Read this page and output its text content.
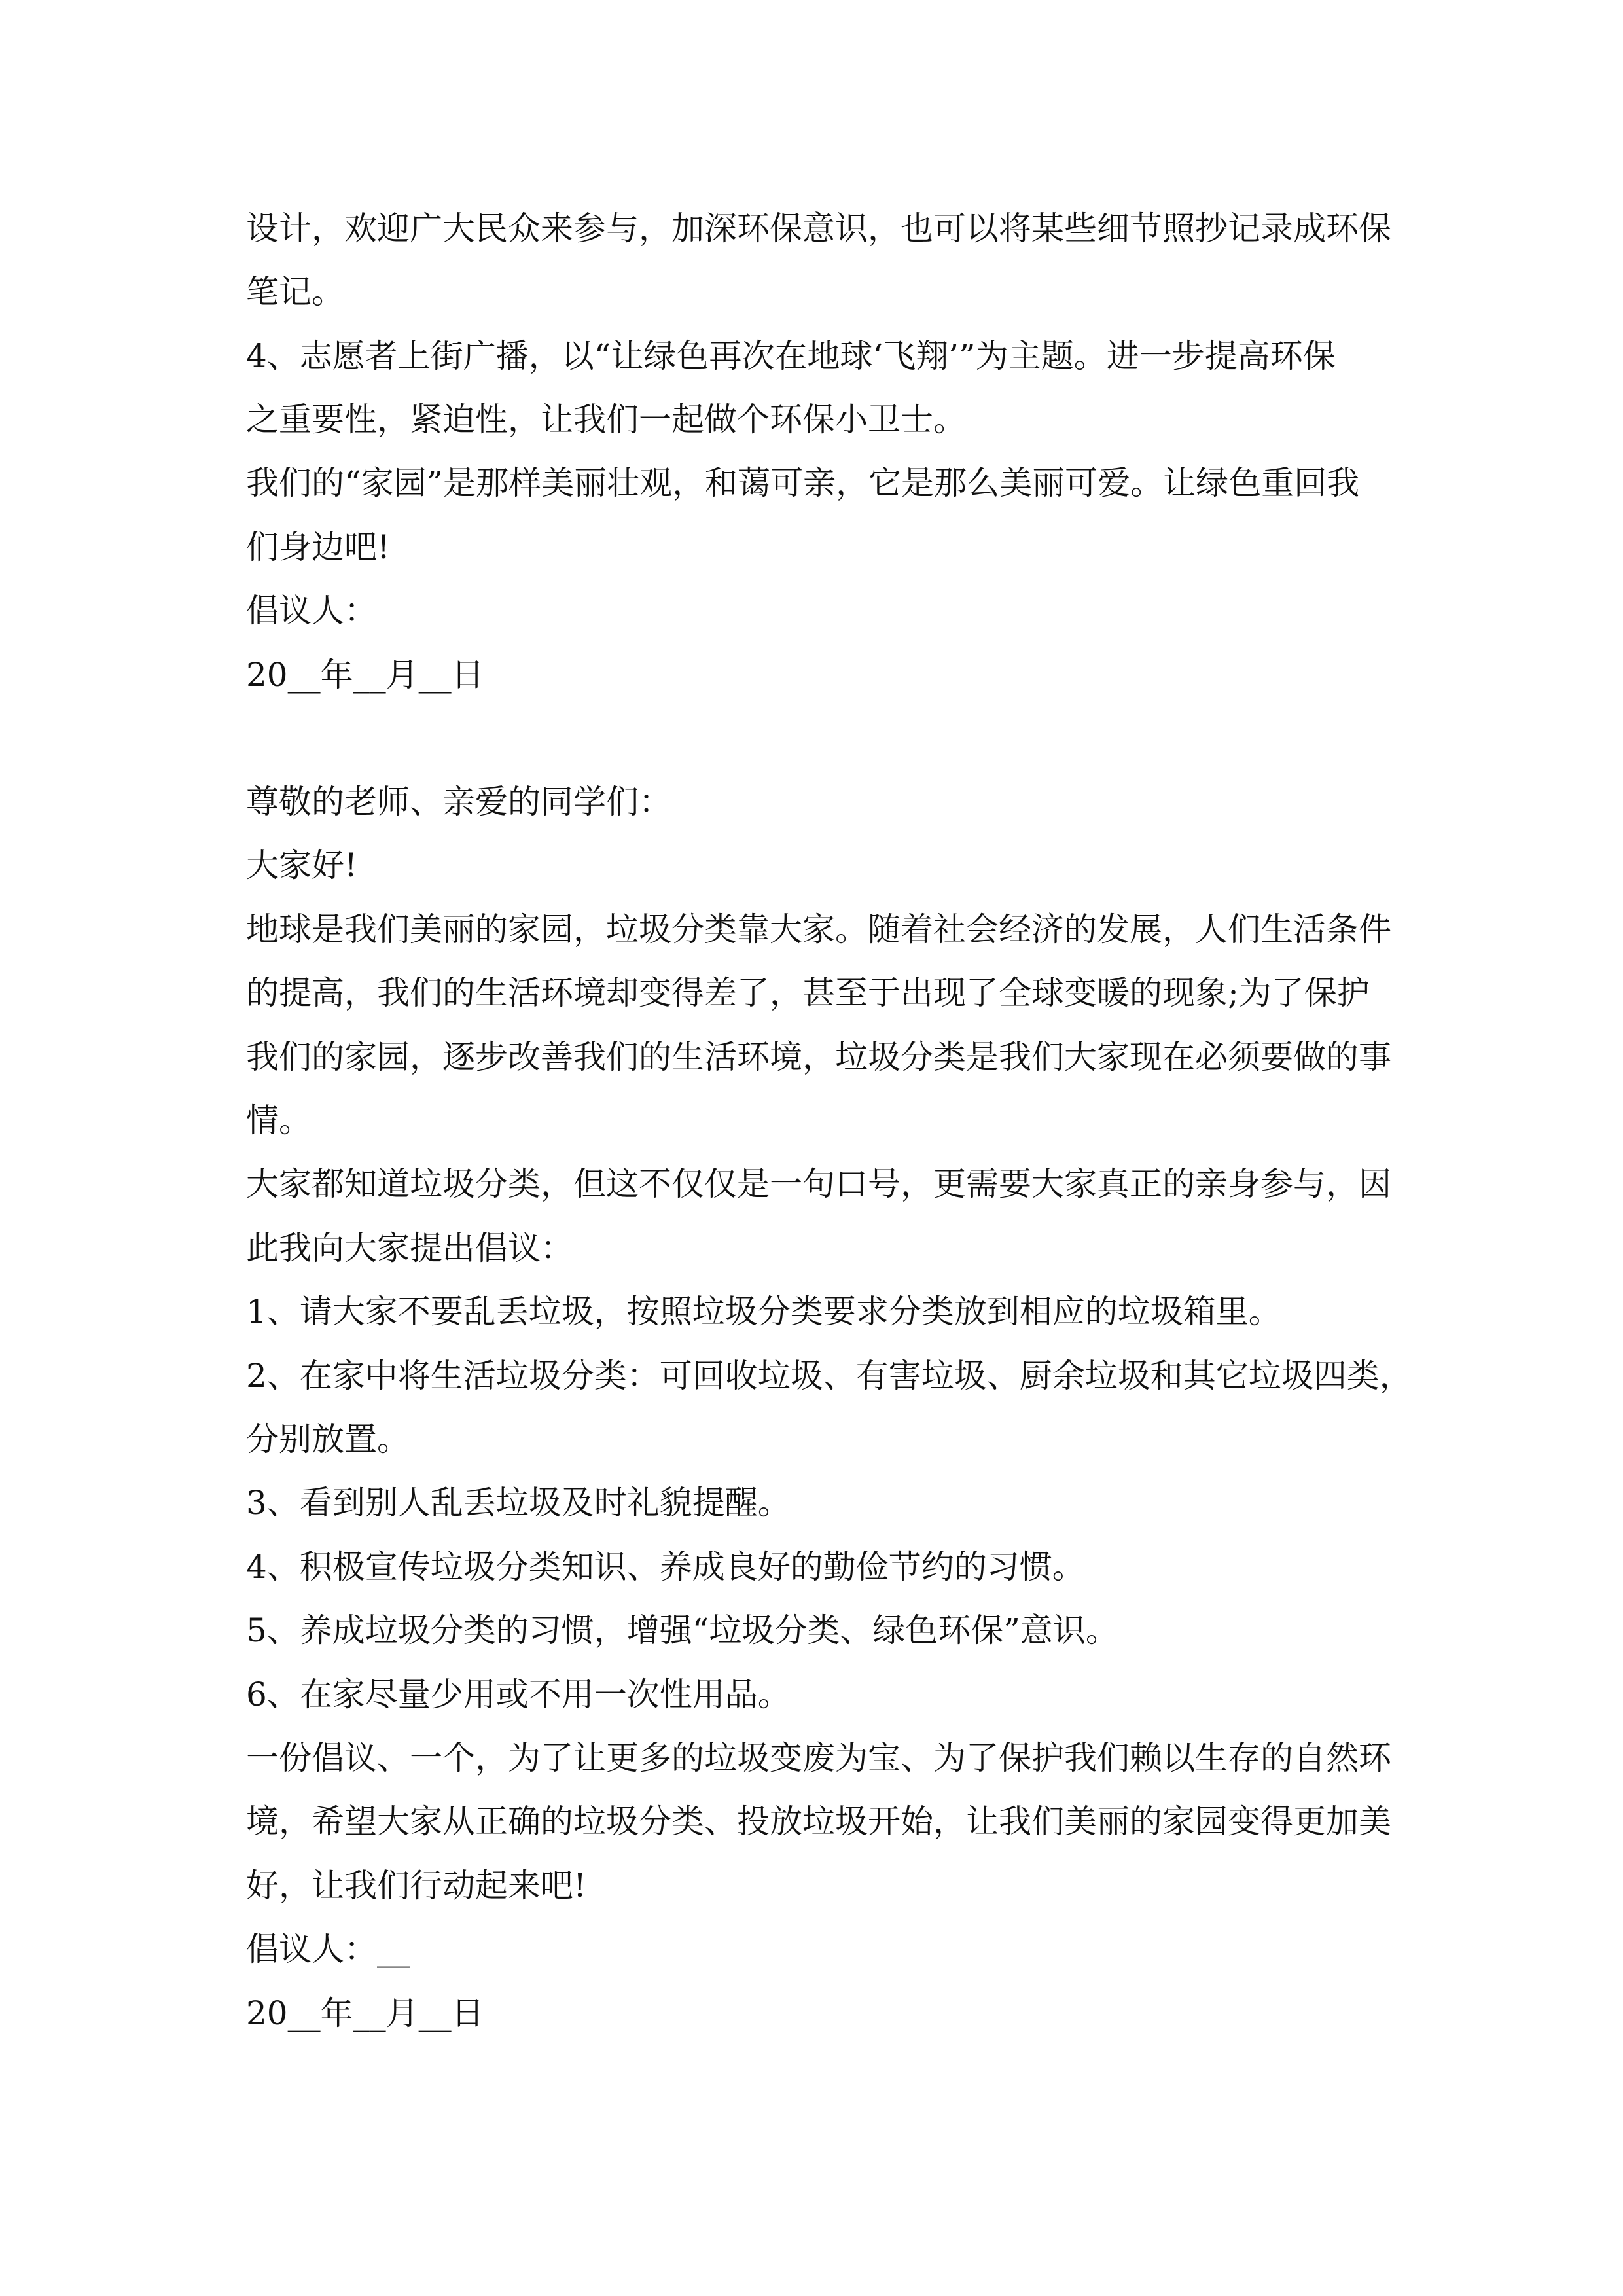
设计，欢迎广大民众来参与，加深环保意识，也可以将某些细节照抄记录成环保

笔记。

4、志愿者上街广播，以“让绿色再次在地球‘飞翔’”为主题。进一步提高环保

之重要性，紧迫性，让我们一起做个环保小卫士。

我们的“家园”是那样美丽壮观，和蔼可亲，它是那么美丽可爱。让绿色重回我

们身边吧!

倡议人：

20__年__月__日

尊敬的老师、亲爱的同学们：

大家好!

地球是我们美丽的家园，垃圾分类靠大家。随着社会经济的发展，人们生活条件

的提高，我们的生活环境却变得差了，甚至于出现了全球变暖的现象;为了保护

我们的家园，逐步改善我们的生活环境，垃圾分类是我们大家现在必须要做的事

情。

大家都知道垃圾分类，但这不仅仅是一句口号，更需要大家真正的亲身参与，因

此我向大家提出倡议：

1、请大家不要乱丢垃圾，按照垃圾分类要求分类放到相应的垃圾箱里。

2、在家中将生活垃圾分类：可回收垃圾、有害垃圾、厨余垃圾和其它垃圾四类，

分别放置。

3、看到别人乱丢垃圾及时礼貌提醒。

4、积极宣传垃圾分类知识、养成良好的勤俭节约的习惯。

5、养成垃圾分类的习惯，增强“垃圾分类、绿色环保”意识。

6、在家尽量少用或不用一次性用品。

一份倡议、一个，为了让更多的垃圾变废为宝、为了保护我们赖以生存的自然环

境，希望大家从正确的垃圾分类、投放垃圾开始，让我们美丽的家园变得更加美

好，让我们行动起来吧!

倡议人：__

20__年__月__日
